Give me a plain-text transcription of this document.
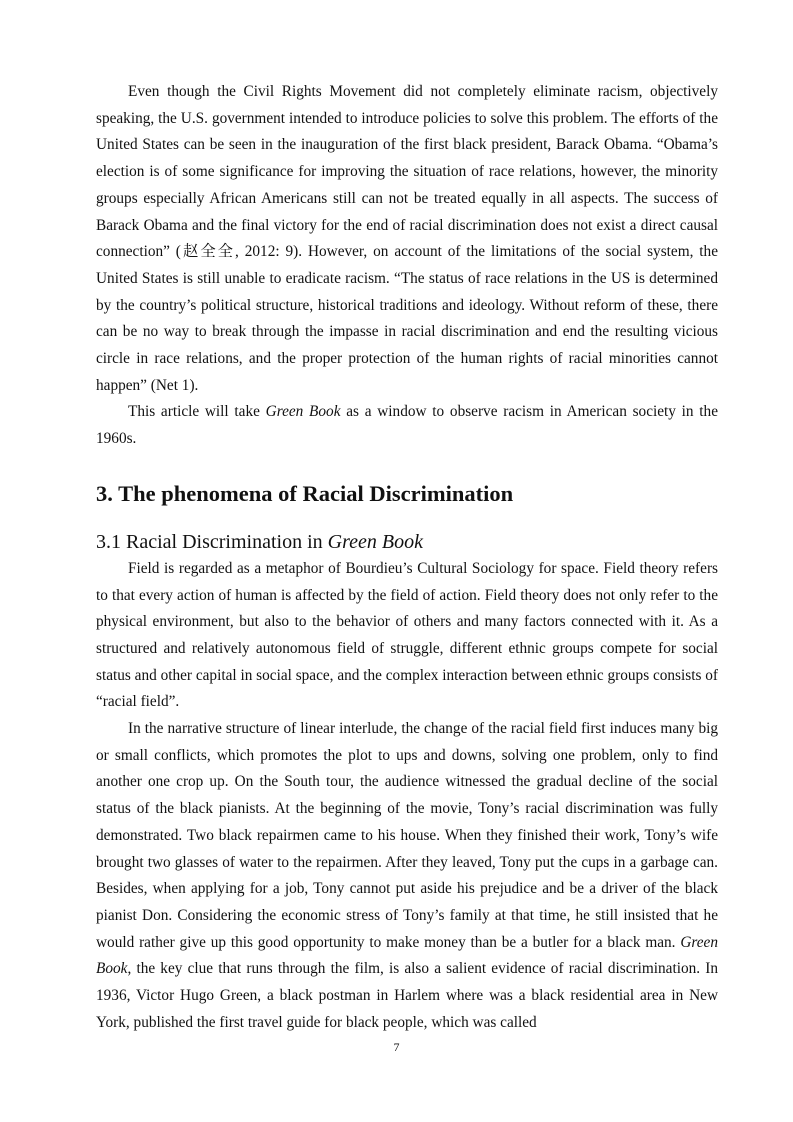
Even though the Civil Rights Movement did not completely eliminate racism, objectively speaking, the U.S. government intended to introduce policies to solve this problem. The efforts of the United States can be seen in the inauguration of the first black president, Barack Obama. “Obama’s election is of some significance for improving the situation of race relations, however, the minority groups especially African Americans still can not be treated equally in all aspects. The success of Barack Obama and the final victory for the end of racial discrimination does not exist a direct causal connection” (赵全全, 2012: 9). However, on account of the limitations of the social system, the United States is still unable to eradicate racism. “The status of race relations in the US is determined by the country’s political structure, historical traditions and ideology. Without reform of these, there can be no way to break through the impasse in racial discrimination and end the resulting vicious circle in race relations, and the proper protection of the human rights of racial minorities cannot happen” (Net 1).

This article will take Green Book as a window to observe racism in American society in the 1960s.

3. The phenomena of Racial Discrimination
3.1 Racial Discrimination in Green Book

Field is regarded as a metaphor of Bourdieu’s Cultural Sociology for space. Field theory refers to that every action of human is affected by the field of action. Field theory does not only refer to the physical environment, but also to the behavior of others and many factors connected with it. As a structured and relatively autonomous field of struggle, different ethnic groups compete for social status and other capital in social space, and the complex interaction between ethnic groups consists of “racial field”.

In the narrative structure of linear interlude, the change of the racial field first induces many big or small conflicts, which promotes the plot to ups and downs, solving one problem, only to find another one crop up. On the South tour, the audience witnessed the gradual decline of the social status of the black pianists. At the beginning of the movie, Tony’s racial discrimination was fully demonstrated. Two black repairmen came to his house. When they finished their work, Tony’s wife brought two glasses of water to the repairmen. After they leaved, Tony put the cups in a garbage can. Besides, when applying for a job, Tony cannot put aside his prejudice and be a driver of the black pianist Don. Considering the economic stress of Tony’s family at that time, he still insisted that he would rather give up this good opportunity to make money than be a butler for a black man. Green Book, the key clue that runs through the film, is also a salient evidence of racial discrimination. In 1936, Victor Hugo Green, a black postman in Harlem where was a black residential area in New York, published the first travel guide for black people, which was called

7
